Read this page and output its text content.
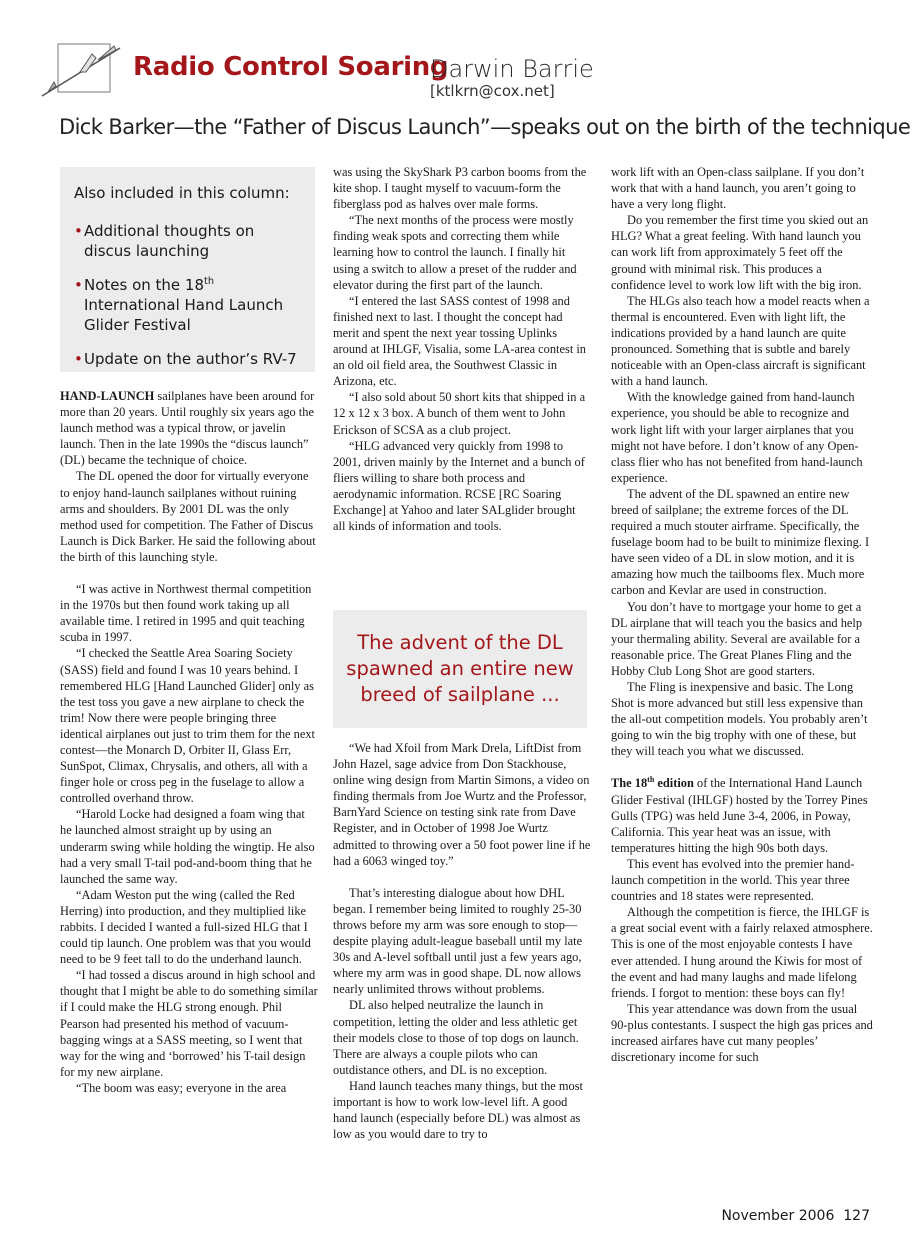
Radio Control Soaring
Darwin Barrie
[ktlkrn@cox.net]
Dick Barker—the “Father of Discus Launch”—speaks out on the birth of the technique
Also included in this column:
• Additional thoughts on discus launching
• Notes on the 18th International Hand Launch Glider Festival
• Update on the author’s RV-7

HAND-LAUNCH sailplanes have been around for more than 20 years. Until roughly six years ago the launch method was a typical throw, or javelin launch. Then in the late 1990s the “discus launch” (DL) became the technique of choice.

The DL opened the door for virtually everyone to enjoy hand-launch sailplanes without ruining arms and shoulders. By 2001 DL was the only method used for competition. The Father of Discus Launch is Dick Barker. He said the following about the birth of this launching style.

“I was active in Northwest thermal competition in the 1970s but then found work taking up all available time. I retired in 1995 and quit teaching scuba in 1997.

“I checked the Seattle Area Soaring Society (SASS) field and found I was 10 years behind. I remembered HLG [Hand Launched Glider] only as the test toss you gave a new airplane to check the trim! Now there were people bringing three identical airplanes out just to trim them for the next contest—the Monarch D, Orbiter II, Glass Err, SunSpot, Climax, Chrysalis, and others, all with a finger hole or cross peg in the fuselage to allow a controlled overhand throw.

“Harold Locke had designed a foam wing that he launched almost straight up by using an underarm swing while holding the wingtip. He also had a very small T-tail pod-and-boom thing that he launched the same way.

“Adam Weston put the wing (called the Red Herring) into production, and they multiplied like rabbits. I decided I wanted a full-sized HLG that I could tip launch. One problem was that you would need to be 9 feet tall to do the underhand launch.

“I had tossed a discus around in high school and thought that I might be able to do something similar if I could make the HLG strong enough. Phil Pearson had presented his method of vacuum-bagging wings at a SASS meeting, so I went that way for the wing and ‘borrowed’ his T-tail design for my new airplane.

“The boom was easy; everyone in the area

was using the SkyShark P3 carbon booms from the kite shop. I taught myself to vacuum-form the fiberglass pod as halves over male forms.

“The next months of the process were mostly finding weak spots and correcting them while learning how to control the launch. I finally hit using a switch to allow a preset of the rudder and elevator during the first part of the launch.

“I entered the last SASS contest of 1998 and finished next to last. I thought the concept had merit and spent the next year tossing Uplinks around at IHLGF, Visalia, some LA-area contest in an old oil field area, the Southwest Classic in Arizona, etc.

“I also sold about 50 short kits that shipped in a 12 x 12 x 3 box. A bunch of them went to John Erickson of SCSA as a club project.

“HLG advanced very quickly from 1998 to 2001, driven mainly by the Internet and a bunch of fliers willing to share both process and aerodynamic information. RCSE [RC Soaring Exchange] at Yahoo and later SALglider brought all kinds of information and tools.

The advent of the DL spawned an entire new breed of sailplane ...

“We had Xfoil from Mark Drela, LiftDist from John Hazel, sage advice from Don Stackhouse, online wing design from Martin Simons, a video on finding thermals from Joe Wurtz and the Professor, BarnYard Science on testing sink rate from Dave Register, and in October of 1998 Joe Wurtz admitted to throwing over a 50 foot power line if he had a 6063 winged toy.”

That’s interesting dialogue about how DHL began. I remember being limited to roughly 25-30 throws before my arm was sore enough to stop—despite playing adult-league baseball until my late 30s and A-level softball until just a few years ago, where my arm was in good shape. DL now allows nearly unlimited throws without problems.

DL also helped neutralize the launch in competition, letting the older and less athletic get their models close to those of top dogs on launch. There are always a couple pilots who can outdistance others, and DL is no exception.

Hand launch teaches many things, but the most important is how to work low-level lift. A good hand launch (especially before DL) was almost as low as you would dare to try to

work lift with an Open-class sailplane. If you don’t work that with a hand launch, you aren’t going to have a very long flight.

Do you remember the first time you skied out an HLG? What a great feeling. With hand launch you can work lift from approximately 5 feet off the ground with minimal risk. This produces a confidence level to work low lift with the big iron.

The HLGs also teach how a model reacts when a thermal is encountered. Even with light lift, the indications provided by a hand launch are quite pronounced. Something that is subtle and barely noticeable with an Open-class aircraft is significant with a hand launch.

With the knowledge gained from hand-launch experience, you should be able to recognize and work light lift with your larger airplanes that you might not have before. I don’t know of any Open-class flier who has not benefited from hand-launch experience.

The advent of the DL spawned an entire new breed of sailplane; the extreme forces of the DL required a much stouter airframe. Specifically, the fuselage boom had to be built to minimize flexing. I have seen video of a DL in slow motion, and it is amazing how much the tailbooms flex. Much more carbon and Kevlar are used in construction.

You don’t have to mortgage your home to get a DL airplane that will teach you the basics and help your thermaling ability. Several are available for a reasonable price. The Great Planes Fling and the Hobby Club Long Shot are good starters.

The Fling is inexpensive and basic. The Long Shot is more advanced but still less expensive than the all-out competition models. You probably aren’t going to win the big trophy with one of these, but they will teach you what we discussed.

The 18th edition of the International Hand Launch Glider Festival (IHLGF) hosted by the Torrey Pines Gulls (TPG) was held June 3-4, 2006, in Poway, California. This year heat was an issue, with temperatures hitting the high 90s both days.

This event has evolved into the premier hand-launch competition in the world. This year three countries and 18 states were represented.

Although the competition is fierce, the IHLGF is a great social event with a fairly relaxed atmosphere. This is one of the most enjoyable contests I have ever attended. I hung around the Kiwis for most of the event and had many laughs and made lifelong friends. I forgot to mention: these boys can fly!

This year attendance was down from the usual 90-plus contestants. I suspect the high gas prices and increased airfares have cut many peoples’ discretionary income for such

November 2006 127
